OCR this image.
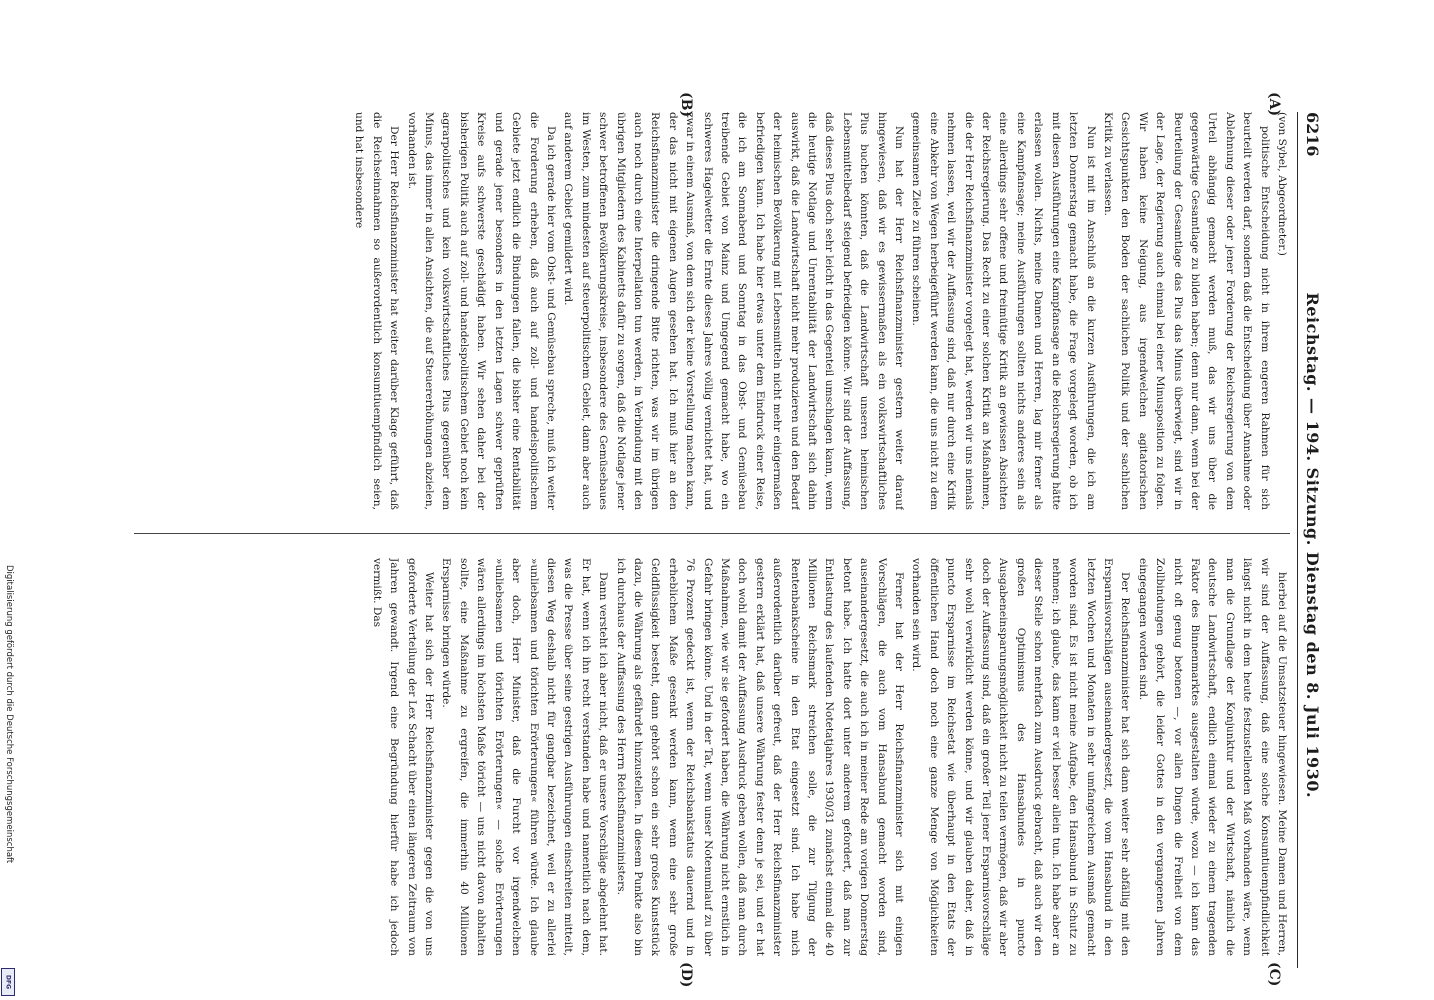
6216
Reichstag. — 194. Sitzung. Dienstag den 8. Juli 1930.
(A)
(B)
(C)
(D)

(von Sybel, Abgeordneter.)

politische Entscheidung nicht in ihrem engeren Rahmen für sich beurteilt werden darf, sondern daß die Entscheidung über Annahme oder Ablehnung dieser oder jener Forderung der Reichsregierung von dem Urteil abhängig gemacht werden muß, das wir uns über die gegenwärtige Gesamtlage zu bilden haben; denn nur dann, wenn bei der Beurteilung der Gesamtlage das Plus das Minus überwiegt, sind wir in der Lage, der Regierung auch einmal bei einer Minusposition zu folgen. Wir haben keine Neigung, aus irgendwelchen agitatorischen Gesichtspunkten den Boden der sachlichen Politik und der sachlichen Kritik zu verlassen.

Nun ist mit im Anschluß an die kurzen Ausführungen, die ich am letzten Donnerstag gemacht habe, die Frage vorgelegt worden, ob ich mit diesen Ausführungen eine Kampfansage an die Reichsregierung hätte erlassen wollen. Nichts, meine Damen und Herren, lag mir ferner als eine Kampfansage; meine Ausführungen sollten nichts anderes sein als eine allerdings sehr offene und freimütige Kritik an gewissen Absichten der Reichsregierung. Das Recht zu einer solchen Kritik an Maßnahmen, die der Herr Reichsfinanzminister vorgelegt hat, werden wir uns niemals nehmen lassen, weil wir der Auffassung sind, daß nur durch eine Kritik eine Abkehr von Wegen herbeigeführt werden kann, die uns nicht zu dem gemeinsamen Ziele zu führen scheinen.

Nun hat der Herr Reichsfinanzminister gestern weiter darauf hingewiesen, daß wir es gewissermaßen als ein volkswirtschaftliches Plus buchen könnten, daß die Landwirtschaft unseren heimischen Lebensmittelbedarf steigend befriedigen könne. Wir sind der Auffassung, daß dieses Plus doch sehr leicht in das Gegenteil umschlagen kann, wenn die heutige Notlage und Unrentabilität der Landwirtschaft sich dahin auswirkt, daß die Landwirtschaft nicht mehr produzieren und den Bedarf der heimischen Bevölkerung mit Lebensmitteln nicht mehr einigermaßen befriedigen kann. Ich habe hier etwas unter dem Eindruck einer Reise, die ich am Sonnabend und Sonntag in das Obst- und Gemüsebau treibende Gebiet von Mainz und Umgegend gemacht habe, wo ein schweres Hagelwetter die Ernte dieses Jahres völlig vernichtet hat, und zwar in einem Ausmaß, von dem sich der keine Vorstellung machen kann, der das nicht mit eigenen Augen gesehen hat. Ich muß hier an den Reichsfinanzminister die dringende Bitte richten, was wir im übrigen auch noch durch eine Interpellation tun werden, in Verbindung mit den übrigen Mitgliedern des Kabinetts dafür zu sorgen, daß die Notlage jener schwer betroffenen Bevölkerungskreise, insbesondere des Gemüsebaues im Westen, zum mindesten auf steuerpolitischem Gebiet, dann aber auch auf anderem Gebiet gemildert wird.

Da ich gerade hier vom Obst- und Gemüsebau spreche, muß ich weiter die Forderung erheben, daß auch auf zoll- und handelspolitischem Gebiete jetzt endlich die Bindungen fallen, die bisher eine Rentabilität und gerade jener besonders in den letzten Lagen schwer geprüften Kreise aufs schwerste geschädigt haben. Wir sehen daher bei der bisherigen Politik auch auf zoll- und handelspolitischem Gebiet noch kein agrarpolitisches und kein volkswirtschaftliches Plus gegenüber dem Minus, das immer in allen Ansichten, die auf Steuererhöhungen abzielen, vorhanden ist.

Der Herr Reichsfinanzminister hat weiter darüber Klage geführt, daß die Reichseinnahmen so außerordentlich konsumtiuempfindlich seien, und hat insbesondere

hierbei auf die Umsatzsteuer hingewiesen. Meine Damen und Herren, wir sind der Auffassung, daß eine solche Konsumtiuempfindlichkeit längst nicht in dem heute festzustellenden Maß vorhanden wäre, wenn man die Grundlage der Konjunktur und der Wirtschaft, nämlich die deutsche Landwirtschaft, endlich einmal wieder zu einem tragenden Faktor des Binnenmarktes ausgestalten würde, wozu — ich kann das nicht oft genug betonen —, vor allen Dingen die Freiheit von dem Zollbindungen gehört, die leider Gottes in den vergangenen Jahren eingegangen worden sind.

Der Reichsfinanzminister hat sich dann weiter sehr abfällig mit den Ersparnisvorschlägen auseinandergesetzt, die vom Hansabund in den letzten Wochen und Monaten in sehr umfangreichem Ausmaß gemacht worden sind. Es ist nicht meine Aufgabe, den Hansabund in Schutz zu nehmen; ich glaube, das kann er viel besser allein tun. Ich habe aber an dieser Stelle schon mehrfach zum Ausdruck gebracht, daß auch wir den großen Optimismus des Hansabundes in puncto Ausgabeneinsparungsmöglichkeit nicht zu teilen vermögen, daß wir aber doch der Auffassung sind, daß ein großer Teil jener Ersparnisvorschläge sehr wohl verwirklicht werden könne, und wir glauben daher, daß in puncto Ersparnisse im Reichsetat wie überhaupt in den Etats der öffentlichen Hand doch noch eine ganze Menge von Möglichkeiten vorhanden sein wird.

Ferner hat der Herr Reichsfinanzminister sich mit einigen Vorschlägen, die auch vom Hansabund gemacht worden sind, auseinandergesetzt, die auch ich in meiner Rede am vorigen Donnerstag betont habe. Ich hatte dort unter anderem gefordert, daß man zur Entlastung des laufenden Notetatjahres 1930/31 zunächst einmal die 40 Millionen Reichsmark streichen solle, die zur Tilgung der Rentenbankscheine in den Etat eingesetzt sind. Ich habe mich außerordentlich darüber gefreut, daß der Herr Reichsfinanzminister gestern erklärt hat, daß unsere Währung fester denn je sei, und er hat doch wohl damit der Auffassung Ausdruck geben wollen, daß man durch Maßnahmen, wie wir sie gefordert haben, die Währung nicht ernstlich in Gefahr bringen könne. Und in der Tat, wenn unser Notenumlauf zu über 76 Prozent gedeckt ist, wenn der Reichsbankstatus dauernd und in erheblichem Maße gesenkt werden kann, wenn eine sehr große Geldflüssigkeit besteht, dann gehört schon ein sehr großes Kunststück dazu, die Währung als gefährdet hinzustellen. In diesem Punkte also bin ich durchaus der Auffassung des Herrn Reichsfinanzministers.

Dann versteht ich aber nicht, daß er unsere Vorschläge abgelehnt hat. Er hat, wenn ich ihn recht verstanden habe und namentlich nach dem, was die Presse über seine gestrigen Ausführungen einschreiten mitteilt, diesen Weg deshalb nicht für gangbar bezeichnet, weil er zu allerlei »unliebsamen und törichten Erörterungen« führen würde. Ich glaube aber doch, Herr Minister, daß die Furcht vor irgendwelchen »unliebsamen und törichten Erörterungen« — solche Erörterungen wären allerdings im höchsten Maße töricht — uns nicht davon abhalten sollte, eine Maßnahme zu ergreifen, die immerhin 40 Millionen Ersparnisse bringen würde.

Weiter hat sich der Herr Reichsfinanzminister gegen die von uns geforderte Verteilung der Lex Schacht über einen längeren Zeitraum von Jahren gewandt. Irgend eine Begründung hierfür habe ich jedoch vermißt. Das

Digitalisierung gefördert durch die Deutsche Forschungsgemeinschaft
DFG
